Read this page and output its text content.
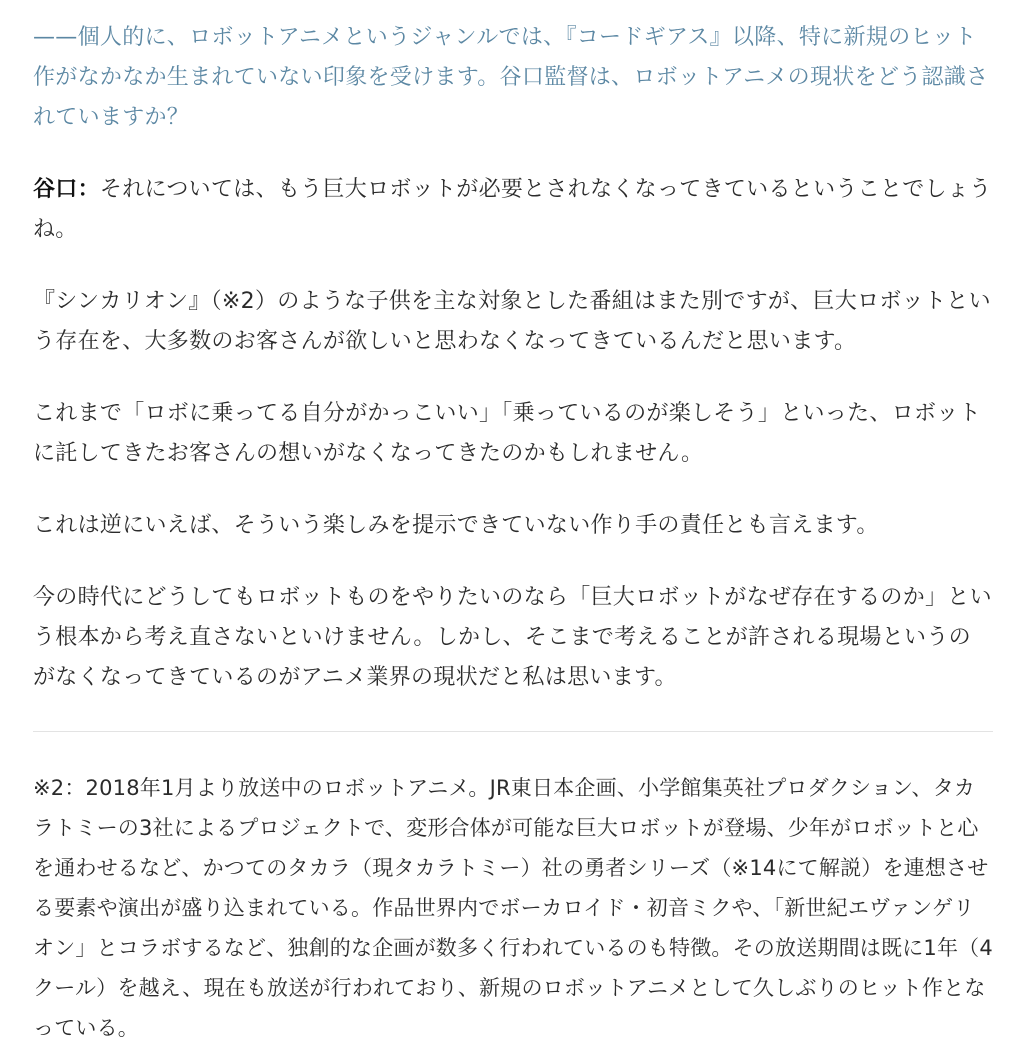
——個人的に、ロボットアニメというジャンルでは、『コードギアス』以降、特に新規のヒット作がなかなか生まれていない印象を受けます。谷口監督は、ロボットアニメの現状をどう認識されていますか？

谷口：それについては、もう巨大ロボットが必要とされなくなってきているということでしょうね。

『シンカリオン』（※2）のような子供を主な対象とした番組はまた別ですが、巨大ロボットという存在を、大多数のお客さんが欲しいと思わなくなってきているんだと思います。

これまで「ロボに乗ってる自分がかっこいい」「乗っているのが楽しそう」といった、ロボットに託してきたお客さんの想いがなくなってきたのかもしれません。

これは逆にいえば、そういう楽しみを提示できていない作り手の責任とも言えます。

今の時代にどうしてもロボットものをやりたいのなら「巨大ロボットがなぜ存在するのか」という根本から考え直さないといけません。しかし、そこまで考えることが許される現場というのがなくなってきているのがアニメ業界の現状だと私は思います。

※2：2018年1月より放送中のロボットアニメ。JR東日本企画、小学館集英社プロダクション、タカラトミーの3社によるプロジェクトで、変形合体が可能な巨大ロボットが登場、少年がロボットと心を通わせるなど、かつてのタカラ（現タカラトミー）社の勇者シリーズ（※14にて解説）を連想させる要素や演出が盛り込まれている。作品世界内でボーカロイド・初音ミクや、「新世紀エヴァンゲリオン」とコラボするなど、独創的な企画が数多く行われているのも特徴。その放送期間は既に1年（4クール）を越え、現在も放送が行われており、新規のロボットアニメとして久しぶりのヒット作となっている。
